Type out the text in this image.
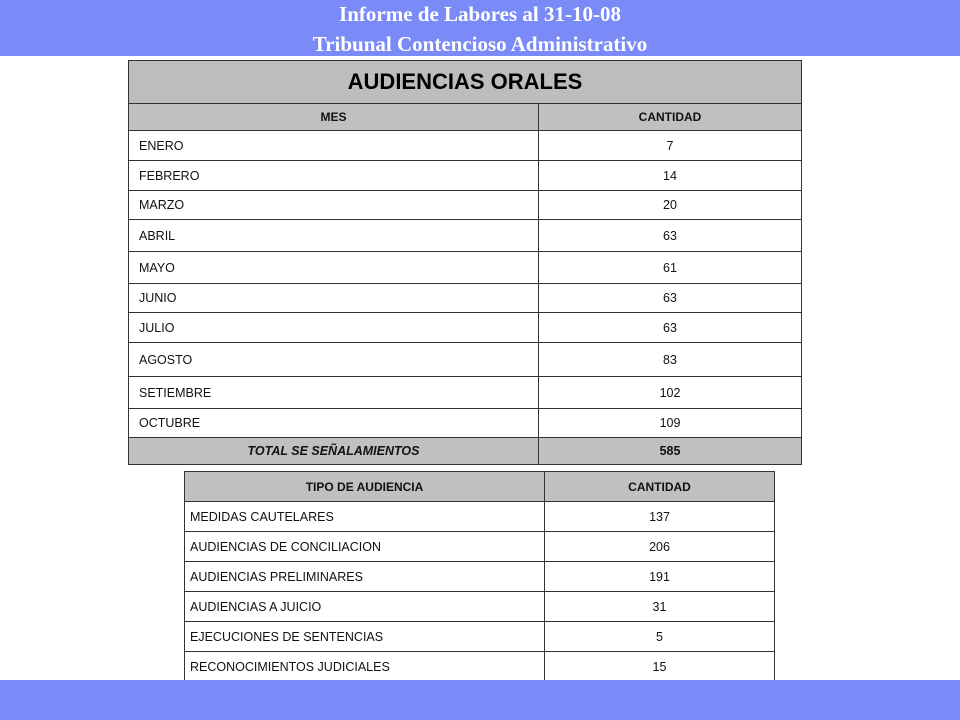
Informe de Labores al 31-10-08
Tribunal Contencioso Administrativo
AUDIENCIAS ORALES	
MES	CANTIDAD
ENERO	7
FEBRERO	14
MARZO	20
ABRIL	63
MAYO	61
JUNIO	63
JULIO	63
AGOSTO	83
SETIEMBRE	102
OCTUBRE	109
TOTAL SE SEÑALAMIENTOS	585
TIPO DE AUDIENCIA	CANTIDAD
MEDIDAS CAUTELARES	137
AUDIENCIAS DE CONCILIACION	206
AUDIENCIAS PRELIMINARES	191
AUDIENCIAS A JUICIO	31
EJECUCIONES DE SENTENCIAS	5
RECONOCIMIENTOS JUDICIALES	15
